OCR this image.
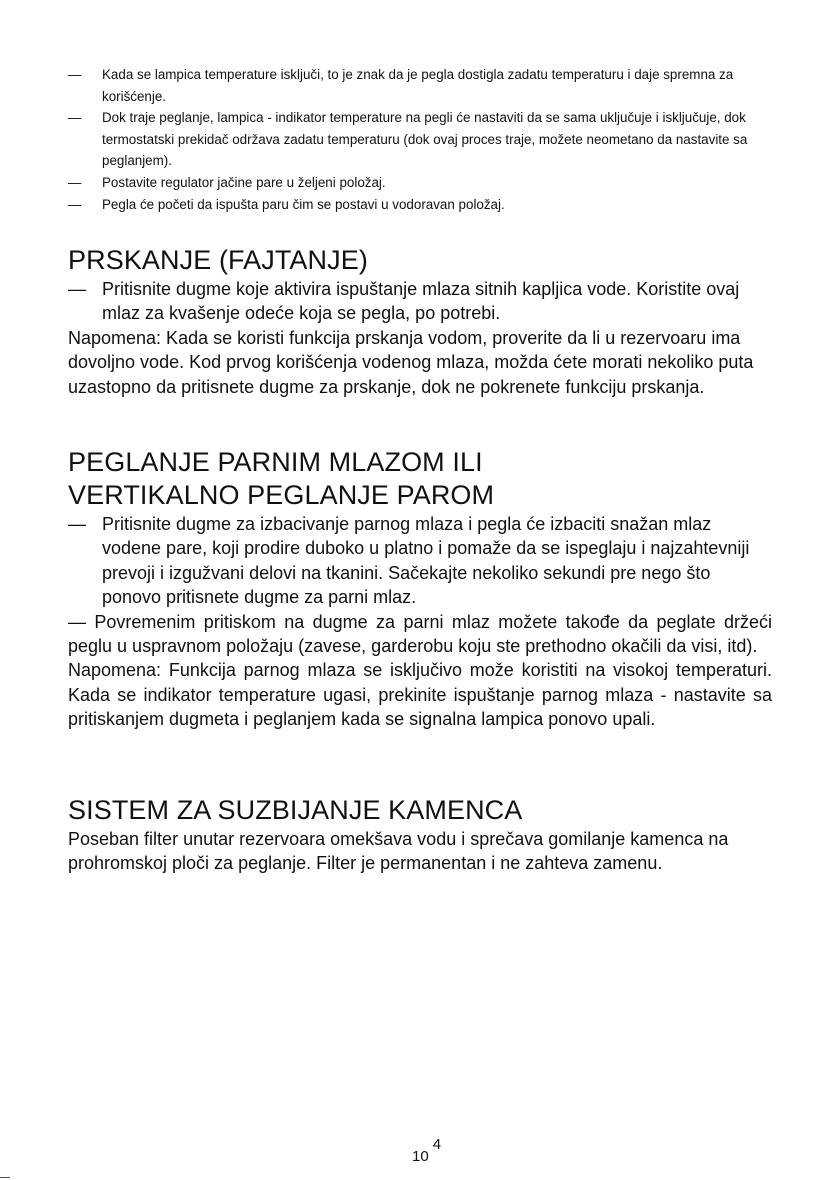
— Kada se lampica temperature isključi, to je znak da je pegla dostigla zadatu temperaturu i daje spremna za korišćenje.
— Dok traje peglanje, lampica - indikator temperature na pegli će nastaviti da se sama uključuje i isključuje, dok termostatski prekidač održava zadatu temperaturu (dok ovaj proces traje, možete neometano da nastavite sa peglanjem).
— Postavite regulator jačine pare u željeni položaj.
— Pegla će početi da ispušta paru čim se postavi u vodoravan položaj.
PRSKANJE (FAJTANJE)
— Pritisnite dugme koje aktivira ispuštanje mlaza sitnih kapljica vode. Koristite ovaj mlaz za kvašenje odeće koja se pegla, po potrebi.

Napomena: Kada se koristi funkcija prskanja vodom, proverite da li u rezervoaru ima dovoljno vode. Kod prvog korišćenja vodenog mlaza, možda ćete morati nekoliko puta uzastopno da pritisnete dugme za prskanje, dok ne pokrenete funkciju prskanja.

PEGLANJE PARNIM MLAZOM ILI
VERTIKALNO PEGLANJE PAROM
— Pritisnite dugme za izbacivanje parnog mlaza i pegla će izbaciti snažan mlaz vodene pare, koji prodire duboko u platno i pomaže da se ispeglaju i najzahtevniji prevoji i izgužvani delovi na tkanini. Sačekajte nekoliko sekundi pre nego što ponovo pritisnete dugme za parni mlaz.

— Povremenim pritiskom na dugme za parni mlaz možete takođe da peglate držeći peglu u uspravnom položaju (zavese, garderobu koju ste prethodno okačili da visi, itd).

Napomena: Funkcija parnog mlaza se isključivo može koristiti na visokoj temperaturi. Kada se indikator temperature ugasi, prekinite ispuštanje parnog mlaza - nastavite sa pritiskanjem dugmeta i peglanjem kada se signalna lampica ponovo upali.

SISTEM ZA SUZBIJANJE KAMENCA

Poseban filter unutar rezervoara omekšava vodu i sprečava gomilanje kamenca na prohromskoj ploči za peglanje. Filter je permanentan i ne zahteva zamenu.

$10^4$
